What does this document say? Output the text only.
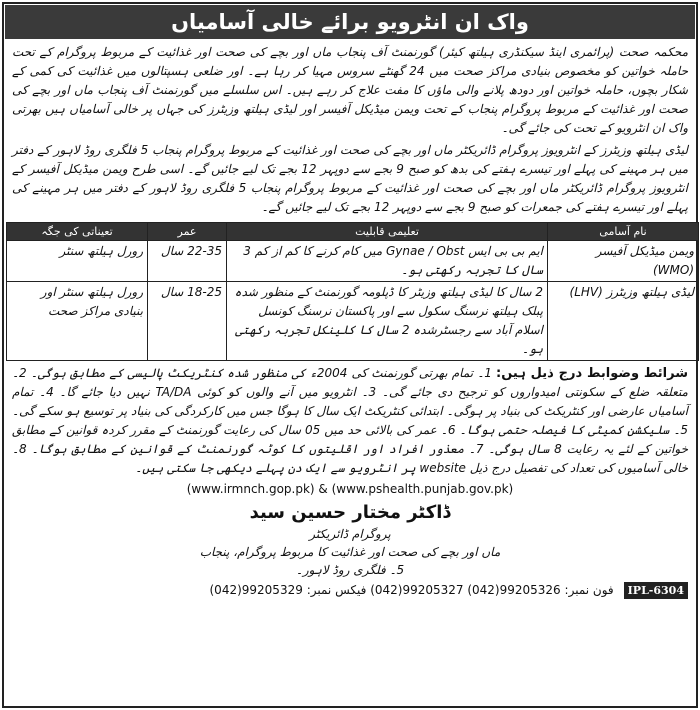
واک ان انٹرویو برائے خالی آسامیاں
محکمہ صحت (پرائمری اینڈ سیکنڈری ہیلتھ کیئر) گورنمنٹ آف پنجاب ماں اور بچے کی صحت اور غذائیت کے مربوط پروگرام کے تحت حاملہ خواتین کو مخصوص بنیادی مراکز صحت میں 24 گھنٹے سروس مہیا کر رہا ہے۔ اور ضلعی ہسپتالوں میں غذائیت کی کمی کے شکار بچوں، حاملہ خواتین اور دودھ پلانے والی ماؤں کا مفت علاج کر رہے ہیں۔ اس سلسلے میں گورنمنٹ آف پنجاب ماں اور بچے کی صحت اور غذائیت کے مربوط پروگرام پنجاب کے تحت ویمن میڈیکل آفیسر اور لیڈی ہیلتھ وزیٹرز کی جہاں پر خالی آسامیاں ہیں بھرتی واک ان انٹرویو کے تحت کی جائے گی۔
لیڈی ہیلتھ وزیٹرز کے انٹرویوز پروگرام ڈائریکٹر ماں اور بچے کی صحت اور غذائیت کے مربوط پروگرام پنجاب 5 فلگری روڈ لاہور کے دفتر میں ہر مہینے کی پہلے اور تیسرے ہفتے کی بدھ کو صبح 9 بجے سے دوپہر 12 بجے تک لیے جائیں گے۔ اسی طرح ویمن میڈیکل آفیسر کے انٹرویوز پروگرام ڈائریکٹر ماں اور بچے کی صحت اور غذائیت کے مربوط پروگرام پنجاب 5 فلگری روڈ لاہور کے دفتر میں ہر مہینے کی پہلے اور تیسرے ہفتے کی جمعرات کو صبح 9 بجے سے دوپہر 12 بجے تک لیے جائیں گے۔
نام آسامی	تعلیمی قابلیت	عمر	تعیناتی کی جگہ
ویمن میڈیکل آفیسر (WMO)	ایم بی بی ایس Gynae / Obst میں کام کرنے کا کم از کم 3 سال کا تجربہ رکھتی ہو۔	22-35 سال	رورل ہیلتھ سنٹر
لیڈی ہیلتھ وزیٹرز (LHV)	2 سال کا لیڈی ہیلتھ وزیٹر کا ڈپلومہ گورنمنٹ کے منظور شدہ پبلک ہیلتھ نرسنگ سکول سے اور پاکستان نرسنگ کونسل اسلام آباد سے رجسٹرشدہ 2 سال کا کلینکل تجربہ رکھتی ہو۔	18-25 سال	رورل ہیلتھ سنٹر اور بنیادی مراکز صحت
شرائط وضوابط درج ذیل ہیں: 1۔ تمام بھرتی گورنمنٹ کی 2004ء کی منظور شدہ کنٹریکٹ پالیسی کے مطابق ہوگی۔ 2۔ متعلقہ ضلع کے سکونتی امیدواروں کو ترجیح دی جائے گی۔ 3۔ انٹرویو میں آنے والوں کو کوئی TA/DA نہیں دیا جائے گا۔ 4۔ تمام آسامیاں عارضی اور کنٹریکٹ کی بنیاد پر ہوگی۔ ابتدائی کنٹریکٹ ایک سال کا ہوگا جس میں کارکردگی کی بنیاد پر توسیع ہو سکے گی۔ 5۔ سلیکشن کمیٹی کا فیصلہ حتمی ہوگا۔ 6۔ عمر کی بالائی حد میں 05 سال کی رعایت گورنمنٹ کے مقرر کردہ قوانین کے مطابق خواتین کے لئے یہ رعایت 8 سال ہوگی۔ 7۔ معذور افراد اور اقلیتوں کا کوٹہ گورنمنٹ کے قوانین کے مطابق ہوگا۔ 8۔ خالی آسامیوں کی تعداد کی تفصیل درج ذیل website پر انٹرویو سے ایک دن پہلے دیکھی جا سکتی ہیں۔
(www.irmnch.gop.pk) & (www.pshealth.punjab.gov.pk)
ڈاکٹر مختار حسین سید
پروگرام ڈائریکٹر
ماں اور بچے کی صحت اور غذائیت کا مربوط پروگرام، پنجاب
5۔ فلگری روڈ لاہور۔
IPL-6304
فون نمبر: (042)99205327 (042)99205326 فیکس نمبر: (042)99205329
